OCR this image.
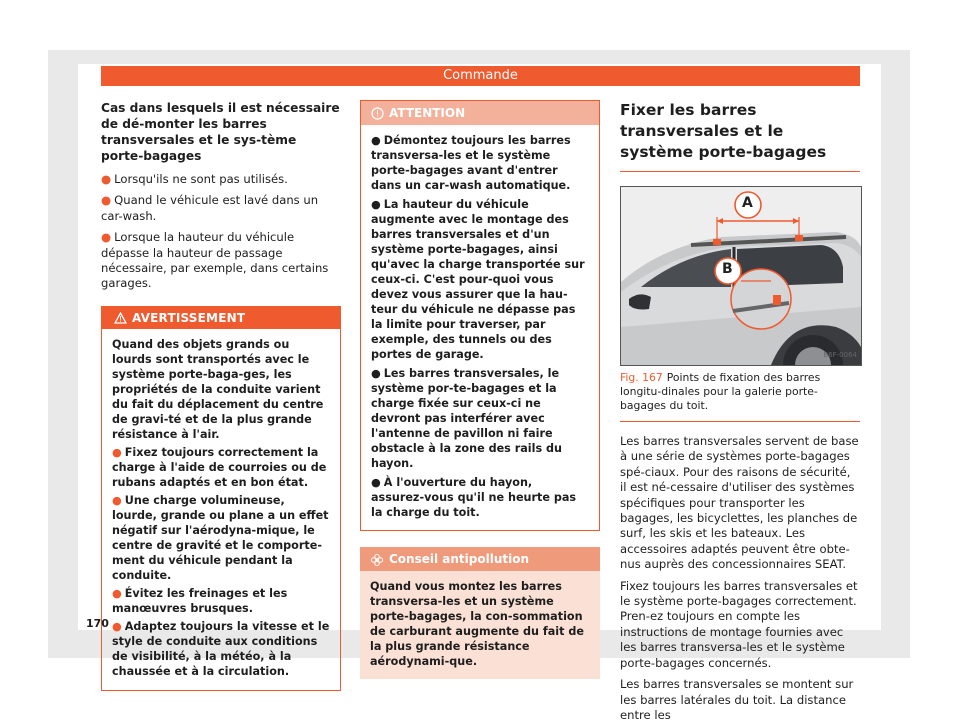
Commande

Cas dans lesquels il est nécessaire de dé-monter les barres transversales et le sys-tème porte-bagages

● Lorsqu'ils ne sont pas utilisés.

● Quand le véhicule est lavé dans un car-wash.

● Lorsque la hauteur du véhicule dépasse la hauteur de passage nécessaire, par exemple, dans certains garages.

AVERTISSEMENT

Quand des objets grands ou lourds sont transportés avec le système porte-baga-ges, les propriétés de la conduite varient du fait du déplacement du centre de gravi-té et de la plus grande résistance à l'air.

● Fixez toujours correctement la charge à l'aide de courroies ou de rubans adaptés et en bon état.

● Une charge volumineuse, lourde, grande ou plane a un effet négatif sur l'aérodyna-mique, le centre de gravité et le comporte-ment du véhicule pendant la conduite.

● Évitez les freinages et les manœuvres brusques.

● Adaptez toujours la vitesse et le style de conduite aux conditions de visibilité, à la météo, à la chaussée et à la circulation.

ATTENTION

● Démontez toujours les barres transversa-les et le système porte-bagages avant d'entrer dans un car-wash automatique.

● La hauteur du véhicule augmente avec le montage des barres transversales et d'un système porte-bagages, ainsi qu'avec la charge transportée sur ceux-ci. C'est pour-quoi vous devez vous assurer que la hau-teur du véhicule ne dépasse pas la limite pour traverser, par exemple, des tunnels ou des portes de garage.

● Les barres transversales, le système por-te-bagages et la charge fixée sur ceux-ci ne devront pas interférer avec l'antenne de pavillon ni faire obstacle à la zone des rails du hayon.

● À l'ouverture du hayon, assurez-vous qu'il ne heurte pas la charge du toit.

Conseil antipollution
Quand vous montez les barres transversa-les et un système porte-bagages, la con-sommation de carburant augmente du fait de la plus grande résistance aérodynami-que.

Fixer les barres transversales et le système porte-bagages

A
B
B6F-0064

Fig. 167 Points de fixation des barres longitu-dinales pour la galerie porte-bagages du toit.

Les barres transversales servent de base à une série de systèmes porte-bagages spé-ciaux. Pour des raisons de sécurité, il est né-cessaire d'utiliser des systèmes spécifiques pour transporter les bagages, les bicyclettes, les planches de surf, les skis et les bateaux. Les accessoires adaptés peuvent être obte-nus auprès des concessionnaires SEAT.

Fixez toujours les barres transversales et le système porte-bagages correctement. Pren-ez toujours en compte les instructions de montage fournies avec les barres transversa-les et le système porte-bagages concernés.

Les barres transversales se montent sur les barres latérales du toit. La distance entre les

170
